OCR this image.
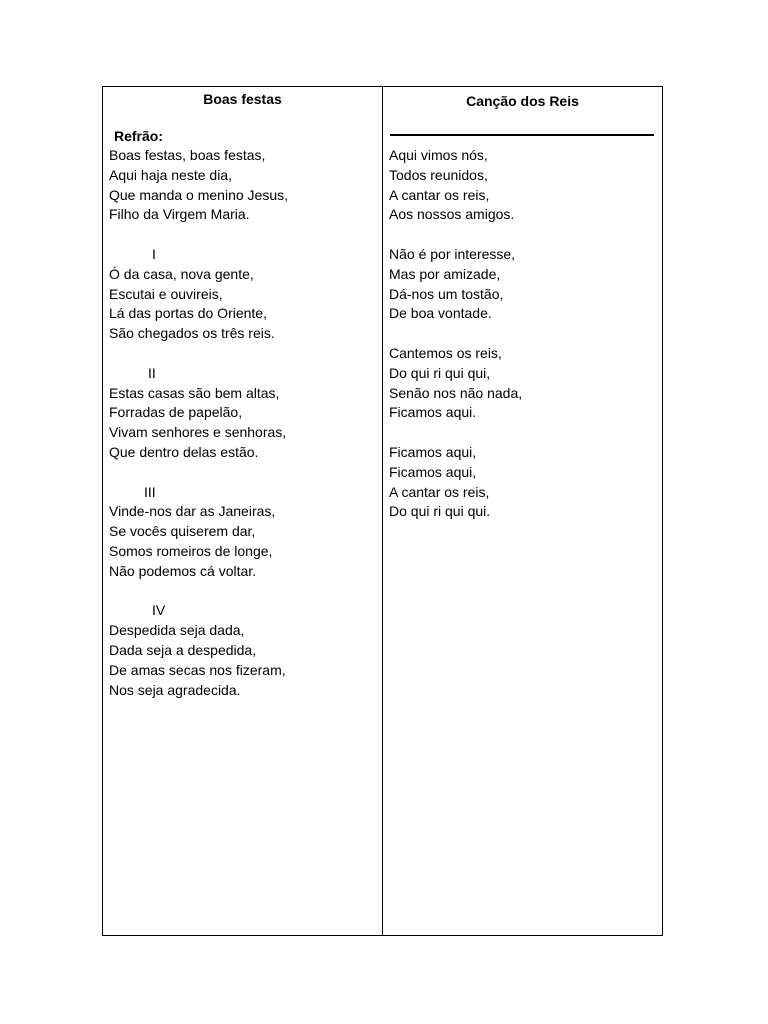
Boas festas
Refrão:
Boas festas, boas festas,
Aqui haja neste dia,
Que manda o menino Jesus,
Filho da Virgem Maria.
I
Ó da casa, nova gente,
Escutai e ouvireis,
Lá das portas do Oriente,
São chegados os três reis.
II
Estas casas são bem altas,
Forradas de papelão,
Vivam senhores e senhoras,
Que dentro delas estão.
III
Vinde-nos dar as Janeiras,
Se vocês quiserem dar,
Somos romeiros de longe,
Não podemos cá voltar.
IV
Despedida seja dada,
Dada seja a despedida,
De amas secas nos fizeram,
Nos seja agradecida.

Canção dos Reis
Aqui vimos nós,
Todos reunidos,
A cantar os reis,
Aos nossos amigos.
Não é por interesse,
Mas por amizade,
Dá-nos um tostão,
De boa vontade.
Cantemos os reis,
Do qui ri qui qui,
Senão nos não nada,
Ficamos aqui.
Ficamos aqui,
Ficamos aqui,
A cantar os reis,
Do qui ri qui qui.
